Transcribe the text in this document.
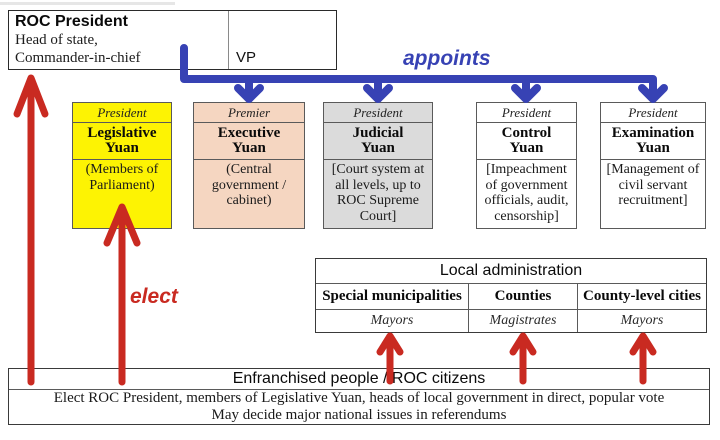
ROC President
Head of state,
Commander-in-chief	VP
President
Legislative
Yuan
(Members of Parliament)
Premier
Executive
Yuan
(Central government / cabinet)
President
Judicial
Yuan
[Court system at all levels, up to ROC Supreme Court]
President
Control
Yuan
[Impeachment of government officials, audit, censorship]
President
Examination
Yuan
[Management of civil servant recruitment]
Local administration
Special municipalities	Counties	County-level cities
Mayors	Magistrates	Mayors
Enfranchised people / ROC citizens
Elect ROC President, members of Legislative Yuan, heads of local government in direct, popular vote
May decide major national issues in referendums
appoints
elect
